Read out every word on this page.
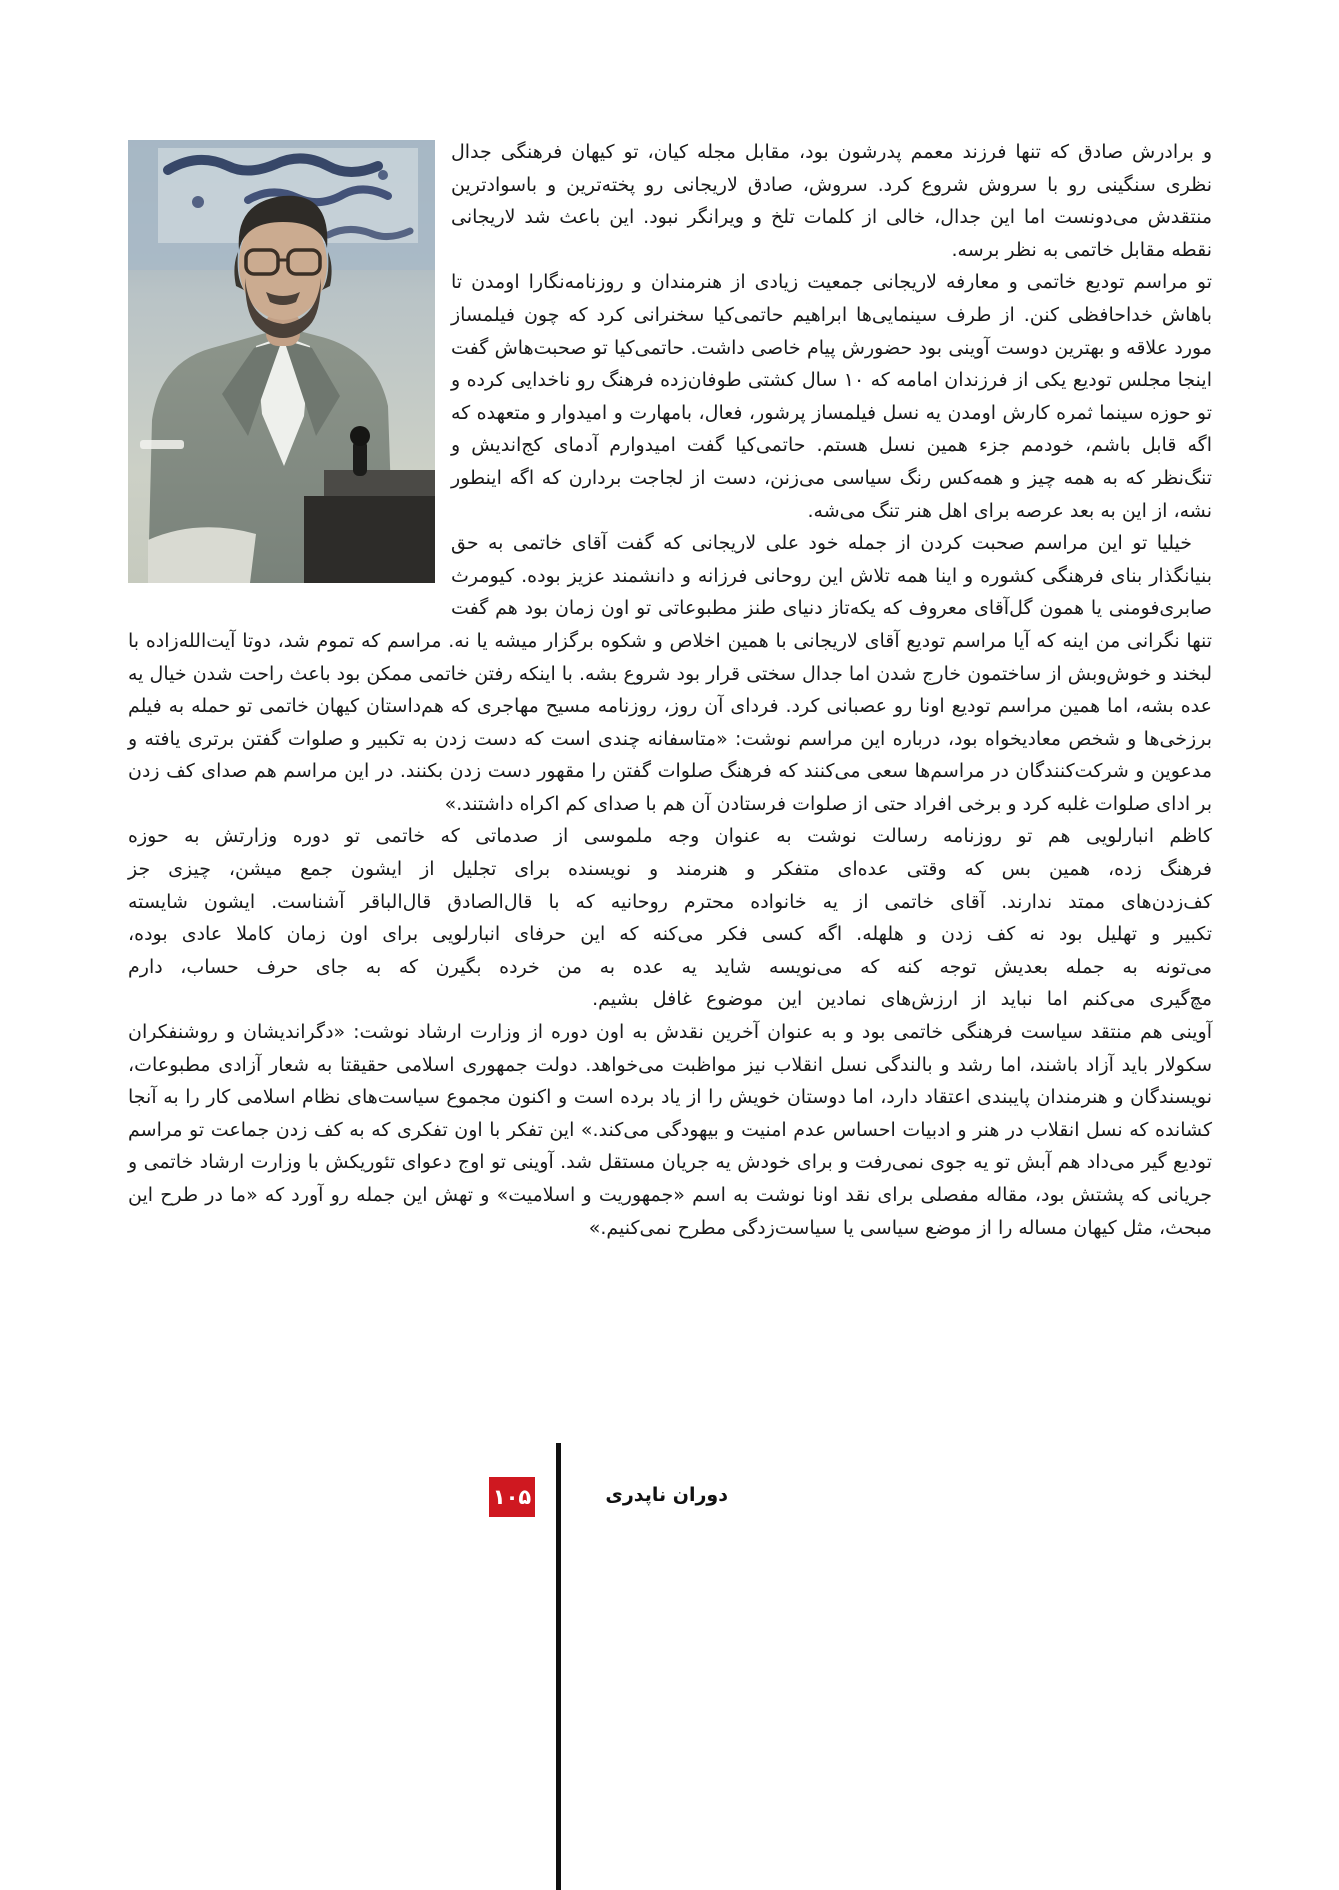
و برادرش صادق که تنها فرزند معمم پدرشون بود، مقابل مجله کیان، تو کیهان فرهنگی جدال نظری سنگینی رو با سروش شروع کرد. سروش، صادق لاریجانی رو پخته‌ترین و باسوادترین منتقدش می‌دونست اما این جدال، خالی از کلمات تلخ و ویرانگر نبود. این باعث شد لاریجانی نقطه مقابل خاتمی به نظر برسه.

تو مراسم تودیع خاتمی و معارفه لاریجانی جمعیت زیادی از هنرمندان و روزنامه‌نگارا اومدن تا باهاش خداحافظی کنن. از طرف سینمایی‌ها ابراهیم حاتمی‌کیا سخنرانی کرد که چون فیلمساز مورد علاقه و بهترین دوست آوینی بود حضورش پیام خاصی داشت. حاتمی‌کیا تو صحبت‌هاش گفت اینجا مجلس تودیع یکی از فرزندان امامه که ۱۰ سال کشتی طوفان‌زده فرهنگ رو ناخدایی کرده و تو حوزه سینما ثمره کارش اومدن یه نسل فیلمساز پرشور، فعال، بامهارت و امیدوار و متعهده که اگه قابل باشم، خودمم جزء همین نسل هستم. حاتمی‌کیا گفت امیدوارم آدمای کج‌اندیش و تنگ‌نظر که به همه چیز و همه‌کس رنگ سیاسی می‌زنن، دست از لجاجت بردارن که اگه اینطور نشه، از این به بعد عرصه برای اهل هنر تنگ می‌شه.

خیلیا تو این مراسم صحبت کردن از جمله خود علی لاریجانی که گفت آقای خاتمی به حق بنیانگذار بنای فرهنگی کشوره و اینا همه تلاش این روحانی فرزانه و دانشمند عزیز بوده. کیومرث صابری‌فومنی یا همون گل‌آقای معروف که یکه‌تاز دنیای طنز مطبوعاتی تو اون زمان بود هم گفت تنها نگرانی من اینه که آیا مراسم تودیع آقای لاریجانی با همین اخلاص و شکوه برگزار میشه یا نه. مراسم که تموم شد، دوتا آیت‌الله‌زاده با لبخند و خوش‌وبش از ساختمون خارج شدن اما جدال سختی قرار بود شروع بشه. با اینکه رفتن خاتمی ممکن بود باعث راحت شدن خیال یه عده بشه، اما همین مراسم تودیع اونا رو عصبانی کرد. فردای آن روز، روزنامه مسیح مهاجری که هم‌داستان کیهان خاتمی تو حمله به فیلم برزخی‌ها و شخص معادیخواه بود، درباره این مراسم نوشت: «متاسفانه چندی است که دست زدن به تکبیر و صلوات گفتن برتری یافته و مدعوین و شرکت‌کنندگان در مراسم‌ها سعی می‌کنند که فرهنگ صلوات گفتن را مقهور دست زدن بکنند. در این مراسم هم صدای کف زدن بر ادای صلوات غلبه کرد و برخی افراد حتی از صلوات فرستادن آن هم با صدای کم اکراه داشتند.»

کاظم انبارلویی هم تو روزنامه رسالت نوشت به عنوان وجه ملموسی از صدماتی که خاتمی تو دوره وزارتش به حوزه فرهنگ زده، همین بس که وقتی عده‌ای متفکر و هنرمند و نویسنده برای تجلیل از ایشون جمع میشن، چیزی جز کف‌زدن‌های ممتد ندارند. آقای خاتمی از یه خانواده محترم روحانیه که با قال‌الصادق قال‌الباقر آشناست. ایشون شایسته تکبیر و تهلیل بود نه کف زدن و هلهله. اگه کسی فکر می‌کنه که این حرفای انبارلویی برای اون زمان کاملا عادی بوده، می‌تونه به جمله بعدیش توجه کنه که می‌نویسه شاید یه عده به من خرده بگیرن که به جای حرف حساب، دارم مچ‌گیری می‌کنم اما نباید از ارزش‌های نمادین این موضوع غافل بشیم.

آوینی هم منتقد سیاست فرهنگی خاتمی بود و به عنوان آخرین نقدش به اون دوره از وزارت ارشاد نوشت: «دگراندیشان و روشنفکران سکولار باید آزاد باشند، اما رشد و بالندگی نسل انقلاب نیز مواظبت می‌خواهد. دولت جمهوری اسلامی حقیقتا به شعار آزادی مطبوعات، نویسندگان و هنرمندان پایبندی اعتقاد دارد، اما دوستان خویش را از یاد برده است و اکنون مجموع سیاست‌های نظام اسلامی کار را به آنجا کشانده که نسل انقلاب در هنر و ادبیات احساس عدم امنیت و بیهودگی می‌کند.» این تفکر با اون تفکری که به کف زدن جماعت تو مراسم تودیع گیر می‌داد هم آبش تو یه جوی نمی‌رفت و برای خودش یه جریان مستقل شد. آوینی تو اوج دعوای تئوریکش با وزارت ارشاد خاتمی و جریانی که پشتش بود، مقاله مفصلی برای نقد اونا نوشت به اسم «جمهوریت و اسلامیت» و تهش این جمله رو آورد که «ما در طرح این مبحث، مثل کیهان مساله را از موضع سیاسی یا سیاست‌زدگی مطرح نمی‌کنیم.»

۱۰۵	دوران ناپدری
